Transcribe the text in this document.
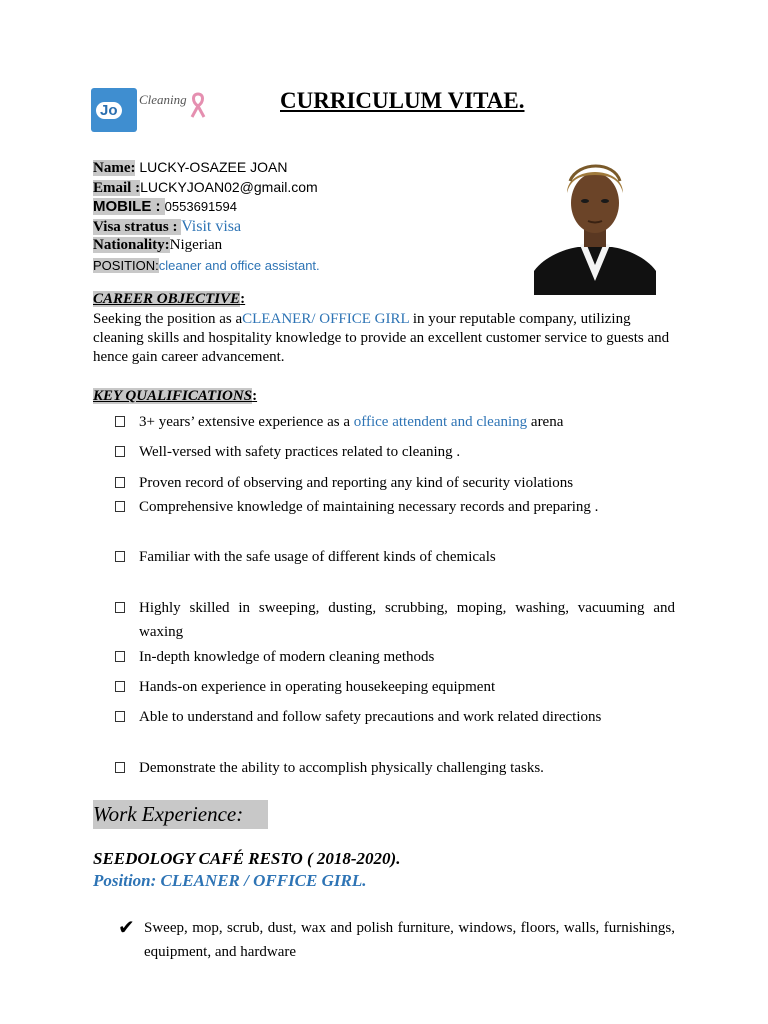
Jo
Cleaning	CURRICULUM VITAE.
Name: LUCKY-OSAZEE JOAN
Email :LUCKYJOAN02@gmail.com
MOBILE : 0553691594
Visa stratus : Visit visa
Nationality:Nigerian
POSITION:cleaner and office assistant.
CAREER OBJECTIVE:
Seeking the position as aCLEANER/ OFFICE GIRL in your reputable company, utilizing cleaning skills and hospitality knowledge to provide an excellent customer service to guests and hence gain career advancement.
KEY QUALIFICATIONS:
3+ years’ extensive experience as a office attendent and cleaning arena
Well-versed with safety practices related to cleaning .
Proven record of observing and reporting any kind of security violations
Comprehensive knowledge of maintaining necessary records and preparing .
Familiar with the safe usage of different kinds of chemicals
Highly skilled in sweeping, dusting, scrubbing, moping, washing, vacuuming and waxing
In-depth knowledge of modern cleaning methods
Hands-on experience in operating housekeeping equipment
Able to understand and follow safety precautions and work related directions
Demonstrate the ability to accomplish physically challenging tasks.
Work Experience:
SEEDOLOGY CAFÉ RESTO ( 2018-2020).
Position: CLEANER / OFFICE GIRL.
✔ Sweep, mop, scrub, dust, wax and polish furniture, windows, floors, walls, furnishings, equipment, and hardware
